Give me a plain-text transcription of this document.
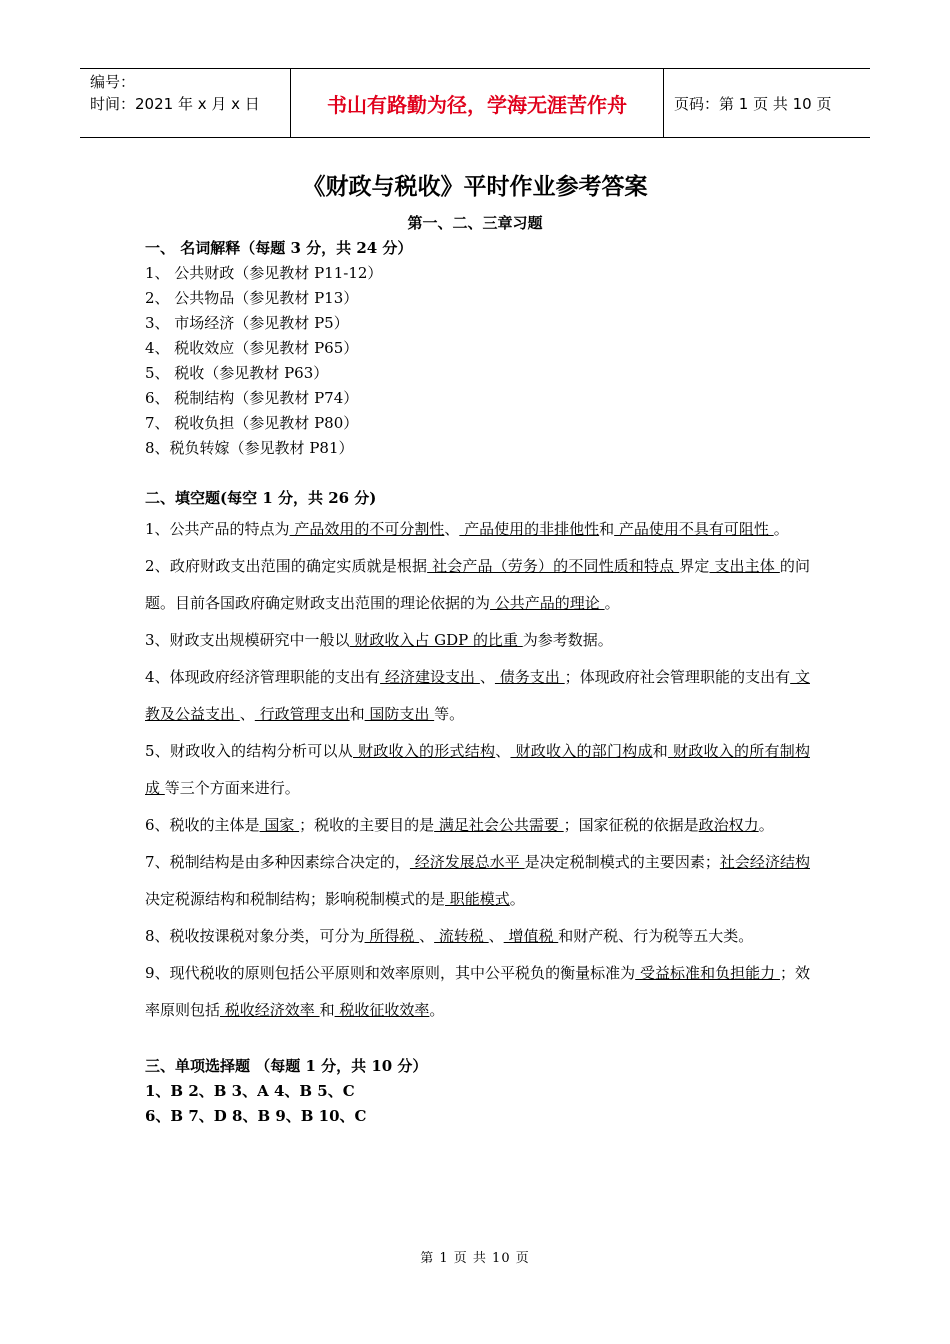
编号：
时间：2021 年 x 月 x 日	书山有路勤为径，学海无涯苦作舟	页码：第 1 页 共 10 页
《财政与税收》平时作业参考答案
第一、二、三章习题
一、 名词解释（每题 3 分，共 24 分）
1、 公共财政（参见教材 P11-12）
2、 公共物品（参见教材 P13）
3、 市场经济（参见教材 P5）
4、 税收效应（参见教材 P65）
5、 税收（参见教材 P63）
6、 税制结构（参见教材 P74）
7、 税收负担（参见教材 P80）
8、税负转嫁（参见教材 P81）
二、填空题(每空 1 分，共 26 分)

1、公共产品的特点为 产品效用的不可分割性、 产品使用的非排他性和 产品使用不具有可阻性 。

2、政府财政支出范围的确定实质就是根据 社会产品（劳务）的不同性质和特点 界定 支出主体 的问题。目前各国政府确定财政支出范围的理论依据的为 公共产品的理论 。

3、财政支出规模研究中一般以 财政收入占 GDP 的比重 为参考数据。

4、体现政府经济管理职能的支出有 经济建设支出 、 债务支出 ；体现政府社会管理职能的支出有 文教及公益支出 、 行政管理支出和 国防支出 等。

5、财政收入的结构分析可以从 财政收入的形式结构、 财政收入的部门构成和 财政收入的所有制构成 等三个方面来进行。

6、税收的主体是 国家 ；税收的主要目的是 满足社会公共需要 ；国家征税的依据是政治权力。

7、税制结构是由多种因素综合决定的， 经济发展总水平 是决定税制模式的主要因素；社会经济结构 决定税源结构和税制结构；影响税制模式的是 职能模式。

8、税收按课税对象分类，可分为 所得税 、 流转税 、 增值税 和财产税、行为税等五大类。

9、现代税收的原则包括公平原则和效率原则，其中公平税负的衡量标准为 受益标准和负担能力 ；效率原则包括 税收经济效率 和 税收征收效率。

三、单项选择题 （每题 1 分，共 10 分）
1、B 2、B 3、A 4、B 5、C
6、B 7、D 8、B 9、B 10、C
第 1 页 共 10 页
